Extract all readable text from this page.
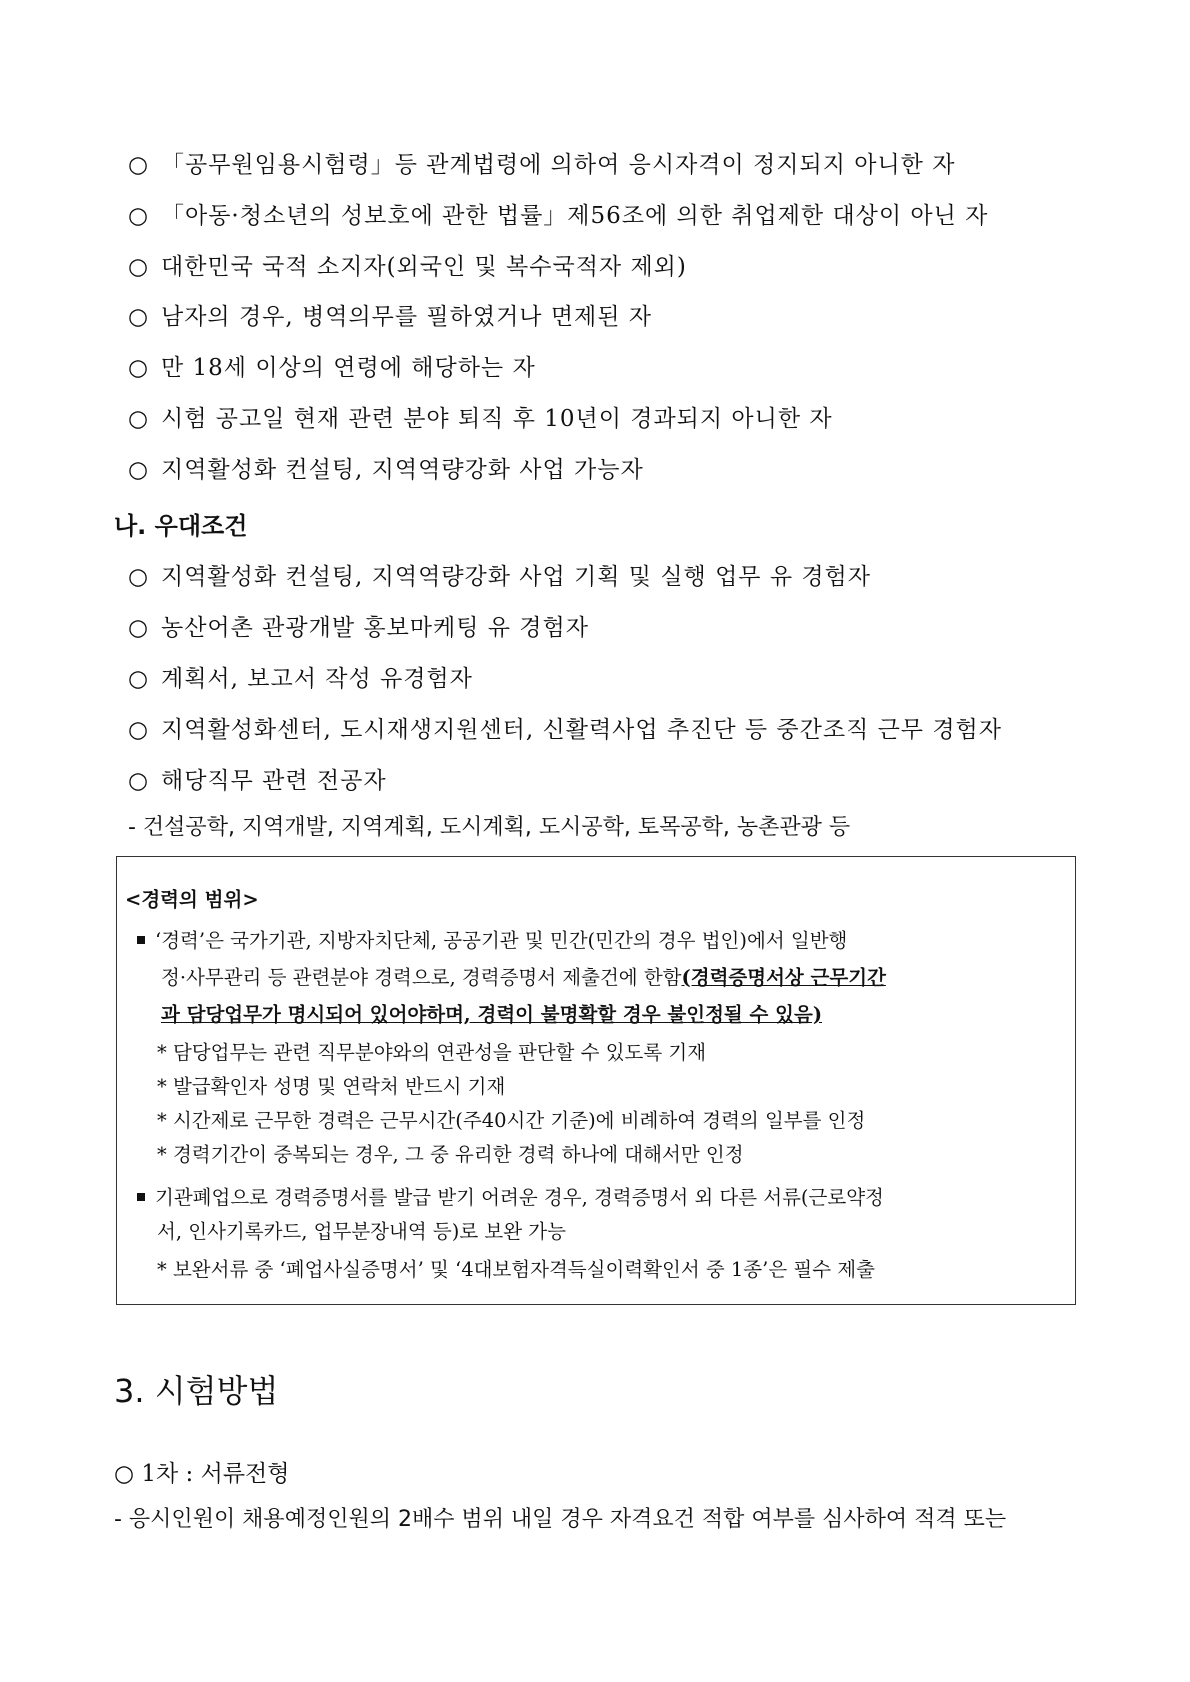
○ 「공무원임용시험령」등 관계법령에 의하여 응시자격이 정지되지 아니한 자
○ 「아동·청소년의 성보호에 관한 법률」제56조에 의한 취업제한 대상이 아닌 자
○ 대한민국 국적 소지자(외국인 및 복수국적자 제외)
○ 남자의 경우, 병역의무를 필하였거나 면제된 자
○ 만 18세 이상의 연령에 해당하는 자
○ 시험 공고일 현재 관련 분야 퇴직 후 10년이 경과되지 아니한 자
○ 지역활성화 컨설팅, 지역역량강화 사업 가능자
나. 우대조건
○ 지역활성화 컨설팅, 지역역량강화 사업 기획 및 실행 업무 유 경험자
○ 농산어촌 관광개발 홍보마케팅 유 경험자
○ 계획서, 보고서 작성 유경험자
○ 지역활성화센터, 도시재생지원센터, 신활력사업 추진단 등 중간조직 근무 경험자
○ 해당직무 관련 전공자
- 건설공학, 지역개발, 지역계획, 도시계획, 도시공학, 토목공학, 농촌관광 등
<경력의 범위>
‘경력’은 국가기관, 지방자치단체, 공공기관 및 민간(민간의 경우 법인)에서 일반행
정·사무관리 등 관련분야 경력으로, 경력증명서 제출건에 한함(경력증명서상 근무기간
과 담당업무가 명시되어 있어야하며, 경력이 불명확할 경우 불인정될 수 있음)
* 담당업무는 관련 직무분야와의 연관성을 판단할 수 있도록 기재
* 발급확인자 성명 및 연락처 반드시 기재
* 시간제로 근무한 경력은 근무시간(주40시간 기준)에 비례하여 경력의 일부를 인정
* 경력기간이 중복되는 경우, 그 중 유리한 경력 하나에 대해서만 인정
기관폐업으로 경력증명서를 발급 받기 어려운 경우, 경력증명서 외 다른 서류(근로약정
서, 인사기록카드, 업무분장내역 등)로 보완 가능
* 보완서류 중 ‘폐업사실증명서’ 및 ‘4대보험자격득실이력확인서 중 1종’은 필수 제출
3. 시험방법
○ 1차 : 서류전형
- 응시인원이 채용예정인원의 2배수 범위 내일 경우 자격요건 적합 여부를 심사하여 적격 또는
